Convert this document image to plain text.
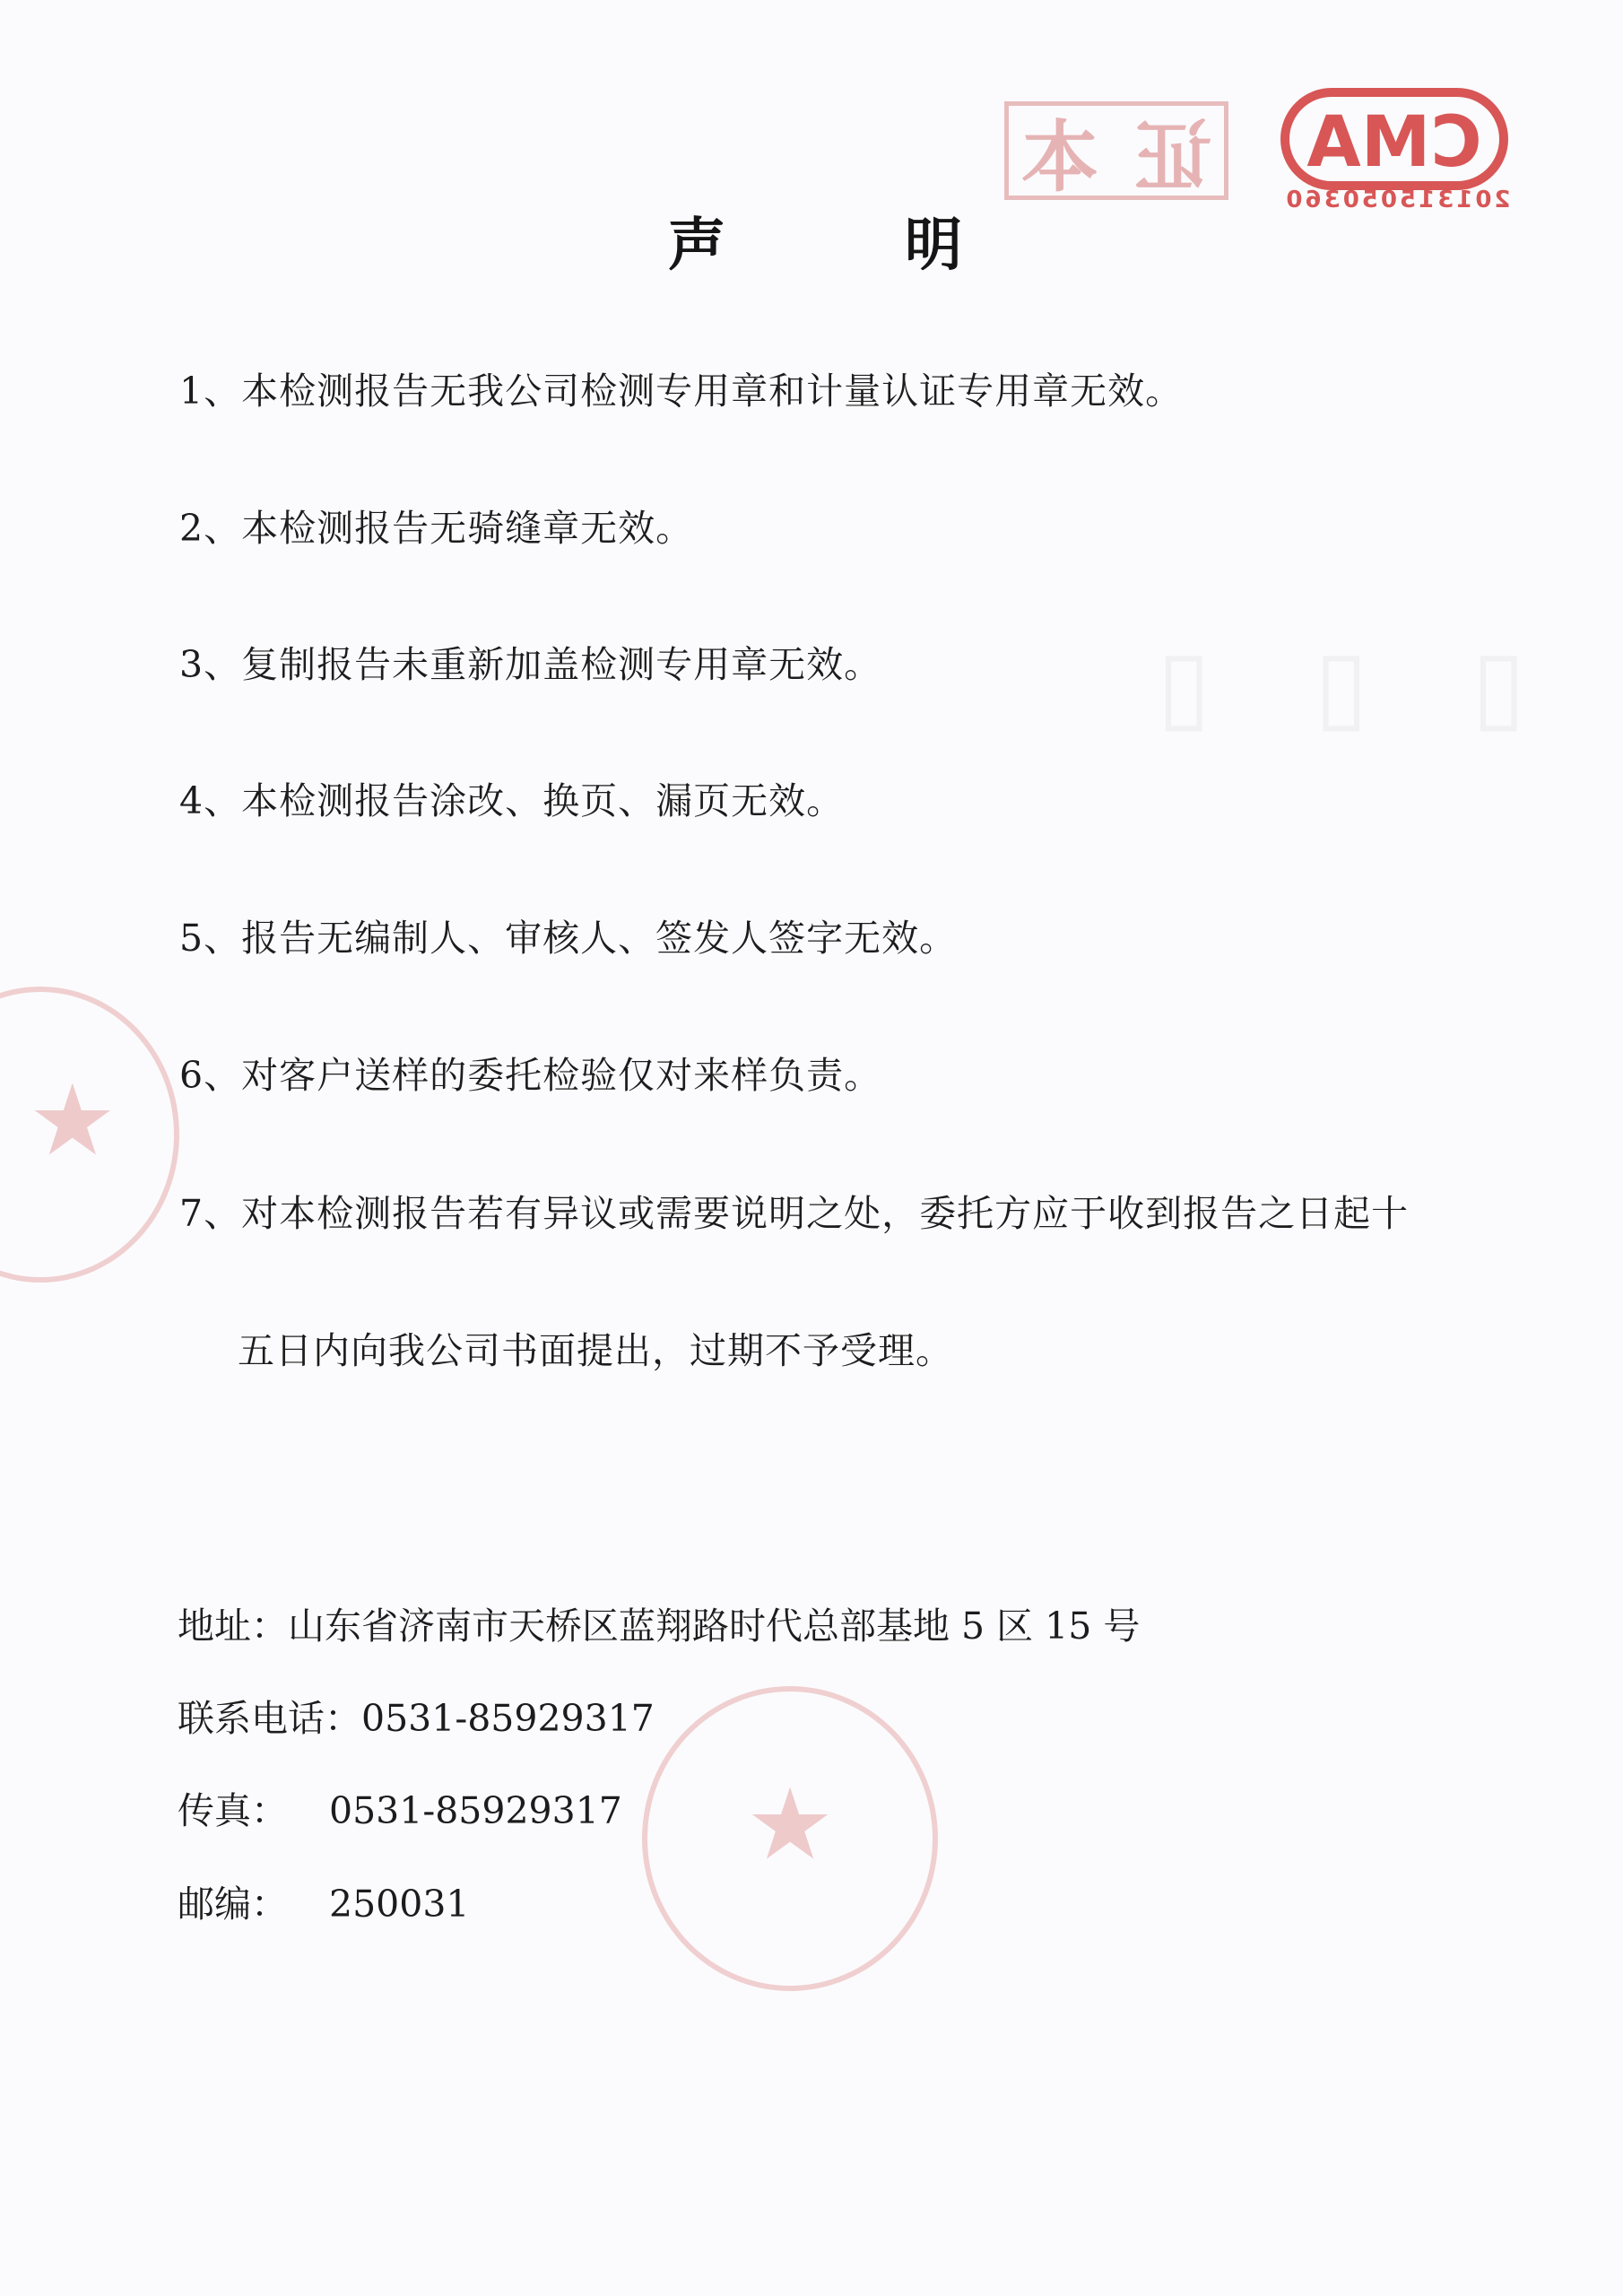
▯ ▯ ▯
本 证 CMA
201315050360
★
★
声明
1、本检测报告无我公司检测专用章和计量认证专用章无效。
2、本检测报告无骑缝章无效。
3、复制报告未重新加盖检测专用章无效。
4、本检测报告涂改、换页、漏页无效。
5、报告无编制人、审核人、签发人签字无效。
6、对客户送样的委托检验仅对来样负责。
7、对本检测报告若有异议或需要说明之处，委托方应于收到报告之日起十
五日内向我公司书面提出，过期不予受理。
地址：山东省济南市天桥区蓝翔路时代总部基地 5 区 15 号
联系电话：0531-85929317
传真： 0531-85929317
邮编： 250031
